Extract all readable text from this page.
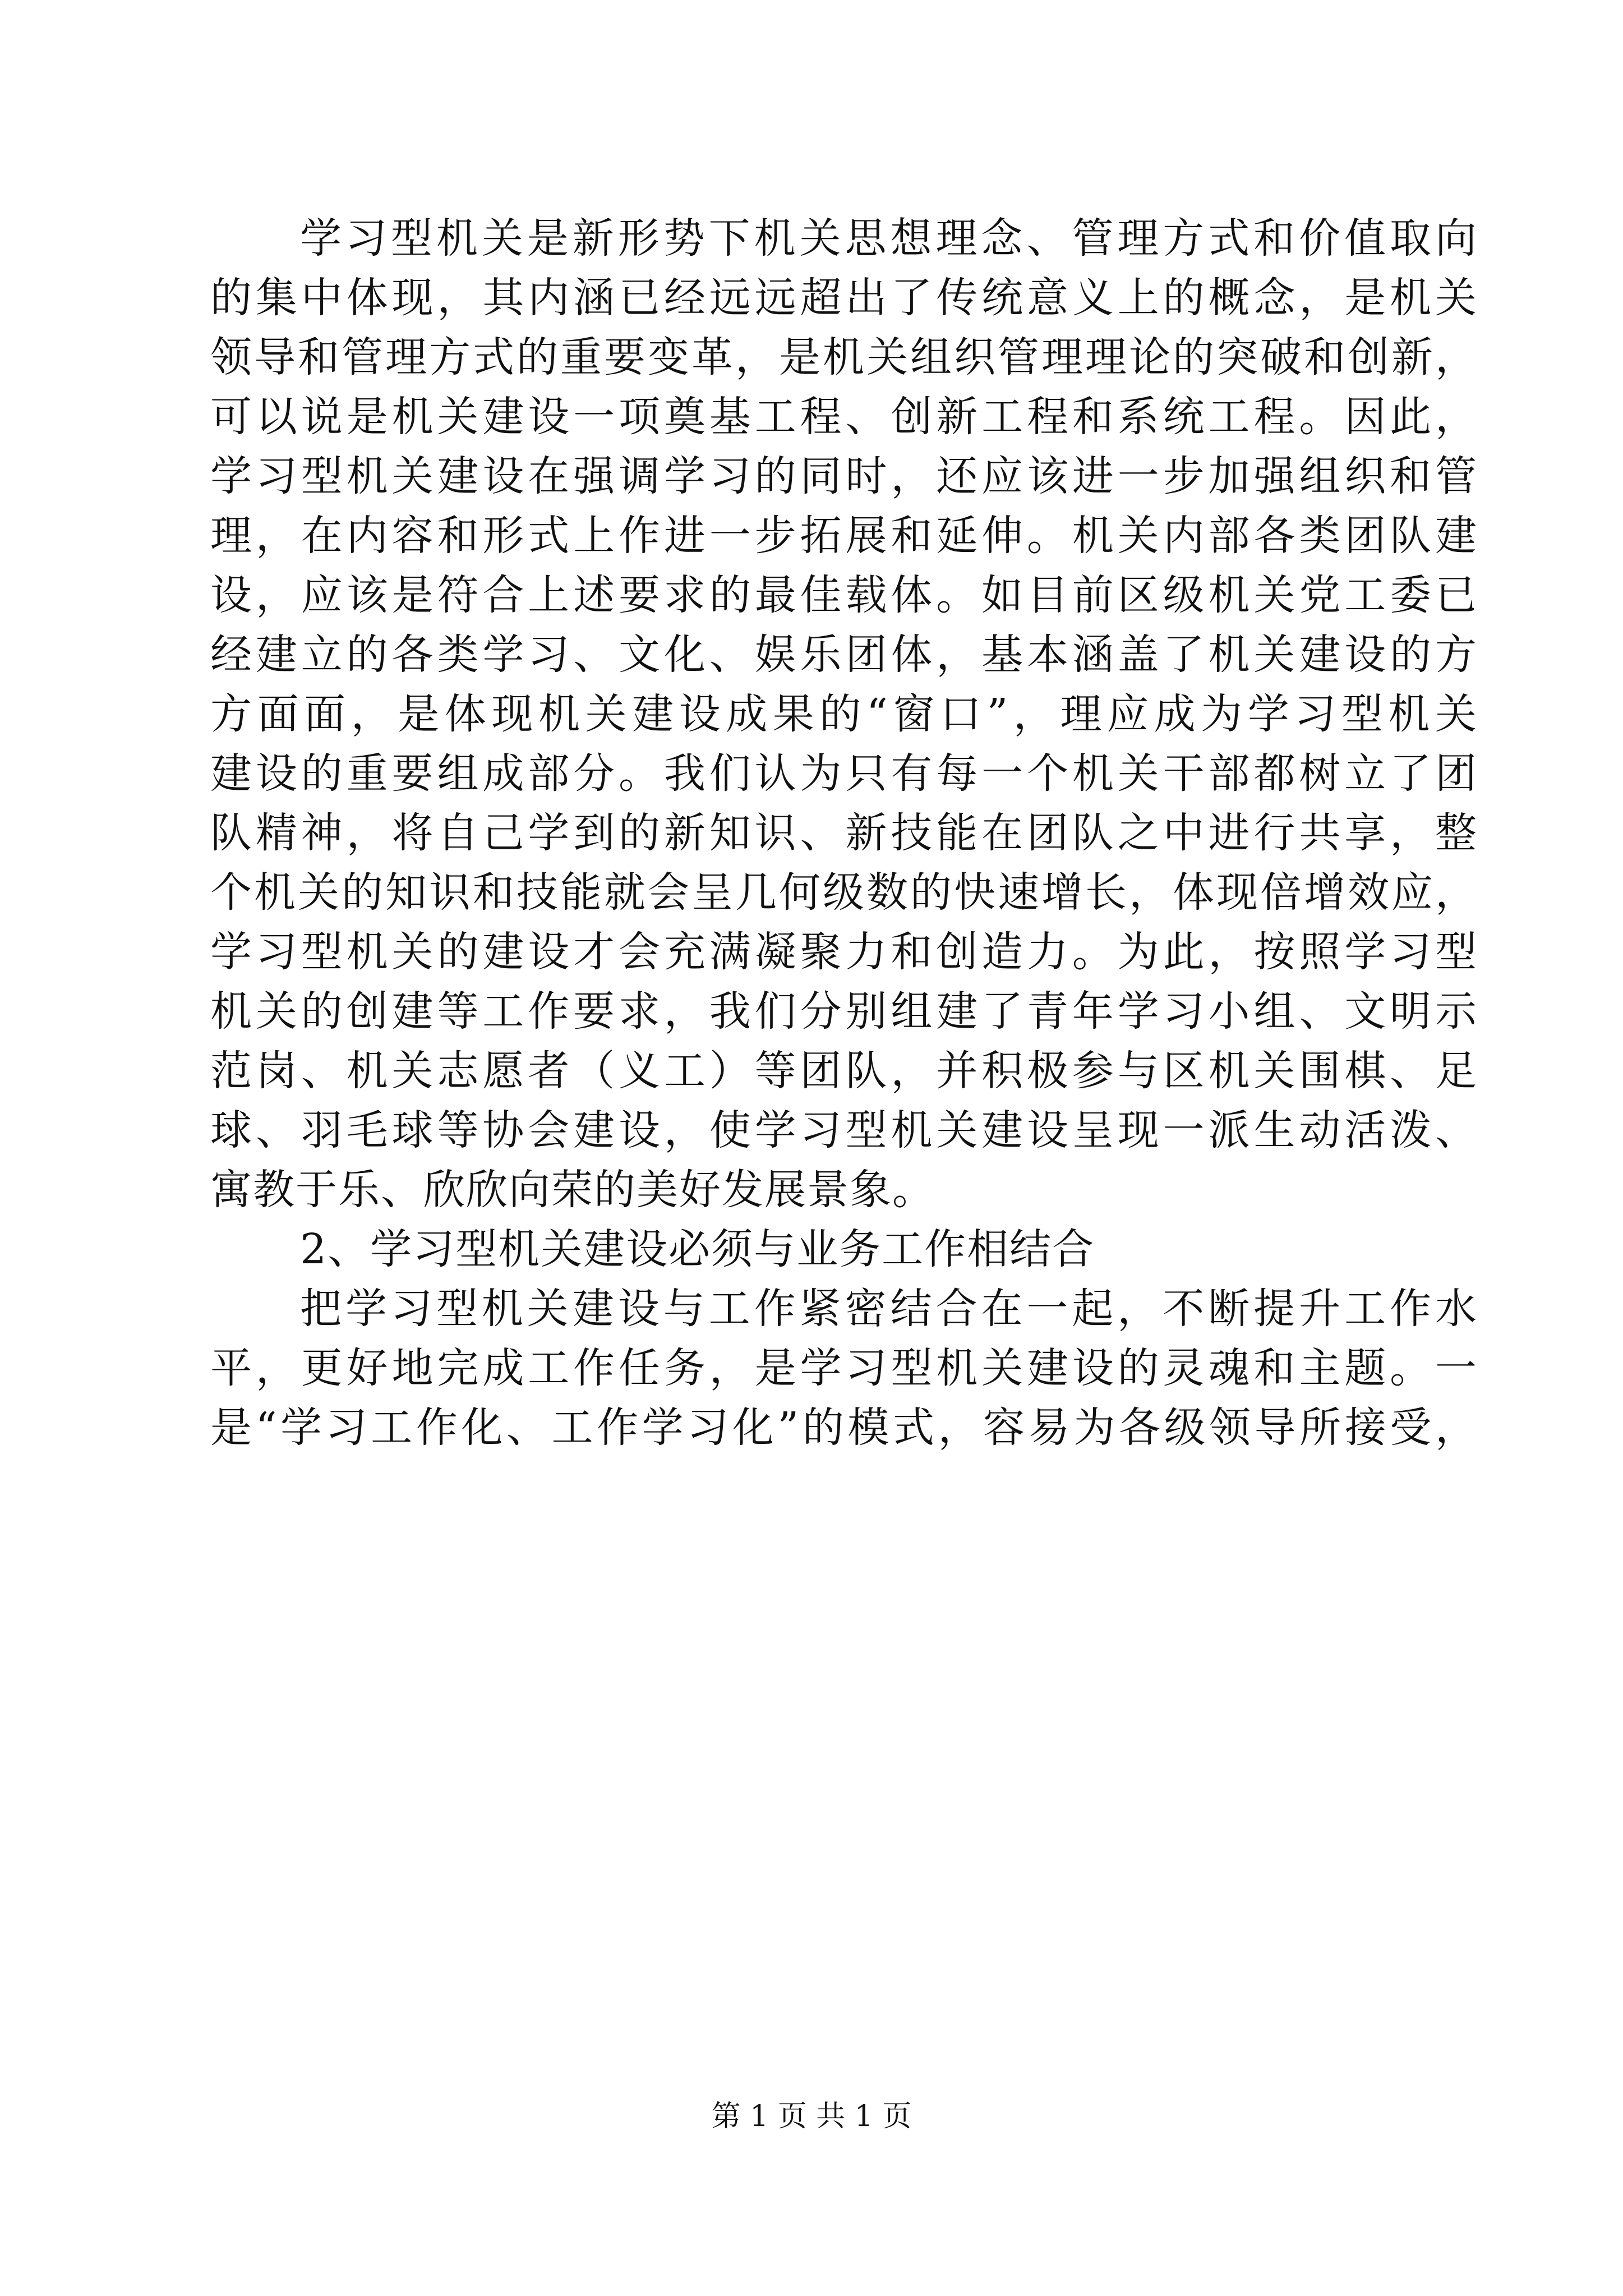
学习型机关是新形势下机关思想理念、管理方式和价值取向
的集中体现，其内涵已经远远超出了传统意义上的概念，是机关
领导和管理方式的重要变革，是机关组织管理理论的突破和创新，
可以说是机关建设一项奠基工程、创新工程和系统工程。因此，
学习型机关建设在强调学习的同时，还应该进一步加强组织和管
理，在内容和形式上作进一步拓展和延伸。机关内部各类团队建
设，应该是符合上述要求的最佳载体。如目前区级机关党工委已
经建立的各类学习、文化、娱乐团体，基本涵盖了机关建设的方
方面面，是体现机关建设成果的“窗口”，理应成为学习型机关
建设的重要组成部分。我们认为只有每一个机关干部都树立了团
队精神，将自己学到的新知识、新技能在团队之中进行共享，整
个机关的知识和技能就会呈几何级数的快速增长，体现倍增效应，
学习型机关的建设才会充满凝聚力和创造力。为此，按照学习型
机关的创建等工作要求，我们分别组建了青年学习小组、文明示
范岗、机关志愿者（义工）等团队，并积极参与区机关围棋、足
球、羽毛球等协会建设，使学习型机关建设呈现一派生动活泼、
寓教于乐、欣欣向荣的美好发展景象。
2、学习型机关建设必须与业务工作相结合
把学习型机关建设与工作紧密结合在一起，不断提升工作水
平，更好地完成工作任务，是学习型机关建设的灵魂和主题。一
是“学习工作化、工作学习化”的模式，容易为各级领导所接受，
第 1 页 共 1 页
